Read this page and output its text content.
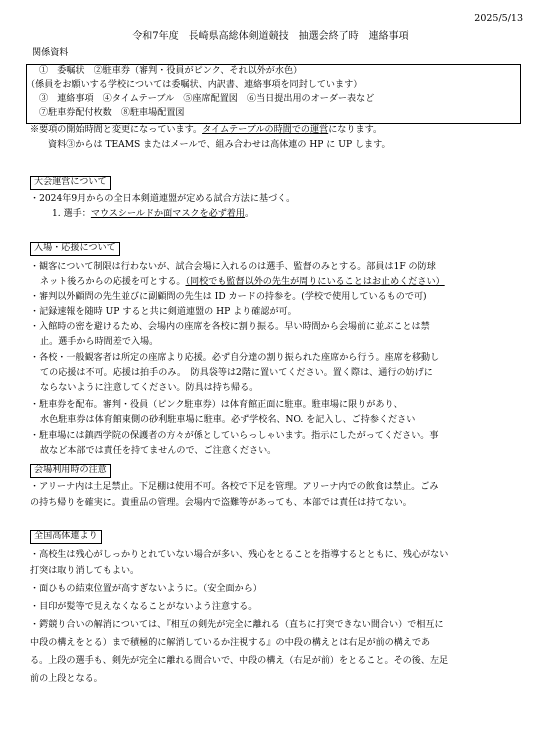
2025/5/13
令和7年度　長崎県高総体剣道競技　抽選会終了時　連絡事項
関係資料
①　委嘱状　②駐車券（審判・役員がピンク、それ以外が水色）
（係員をお願いする学校については委嘱状、内訳書、連絡事項を同封しています）
③　連絡事項　④タイムテーブル　⑤座席配置図　⑥当日提出用のオーダー表など
⑦駐車券配付枚数　⑧駐車場配置図
※要項の開始時間と変更になっています。タイムテーブルの時間での運営になります。
資料③からは TEAMS またはメールで、組み合わせは高体連の HP に UP します。
大会運営について
・2024年9月からの全日本剣道連盟が定める試合方法に基づく。
1. 選手：マウスシールドか面マスクを必ず着用。
入場・応援について
・観客について制限は行わないが、試合会場に入れるのは選手、監督のみとする。部員は1F の防球
ネット後ろからの応援を可とする。（同校でも監督以外の先生が周りにいることはお止めください）
・審判以外顧問の先生並びに副顧問の先生は ID カードの持参を。(学校で使用しているもので可)
・記録速報を随時 UP すると共に剣道連盟の HP より確認が可。
・入館時の密を避けるため、会場内の座席を各校に割り振る。早い時間から会場前に並ぶことは禁
止。選手から時間差で入場。
・各校・一般観客者は所定の座席より応援。必ず自分達の割り振られた座席から行う。座席を移動し
ての応援は不可。応援は拍手のみ。　防具袋等は2階に置いてください。置く際は、通行の妨げに
ならないように注意してください。防具は持ち帰る。
・駐車券を配布。審判・役員（ピンク駐車券）は体育館正面に駐車。駐車場に限りがあり、
水色駐車券は体育館東側の砂利駐車場に駐車。必ず学校名、NO. を記入し、ご持参ください
・駐車場には鎮西学院の保護者の方々が係としていらっしゃいます。指示にしたがってください。事
故など本部では責任を持てませんので、ご注意ください。
会場利用時の注意
・アリーナ内は土足禁止。下足棚は使用不可。各校で下足を管理。アリーナ内での飲食は禁止。ごみ
の持ち帰りを確実に。貴重品の管理。会場内で盗難等があっても、本部では責任は持てない。
全国高体連より
・高校生は残心がしっかりとれていない場合が多い、残心をとることを指導するとともに、残心がない
打突は取り消してもよい。
・面ひもの結束位置が高すぎないように。（安全面から）
・目印が髪等で見えなくなることがないよう注意する。
・鍔競り合いの解消については、『相互の剣先が完全に離れる（直ちに打突できない間合い）で相互に
中段の構えをとる）まで積極的に解消しているか注視する』の中段の構えとは右足が前の構えであ
る。上段の選手も、剣先が完全に離れる間合いで、中段の構え（右足が前）をとること。その後、左足
前の上段となる。
